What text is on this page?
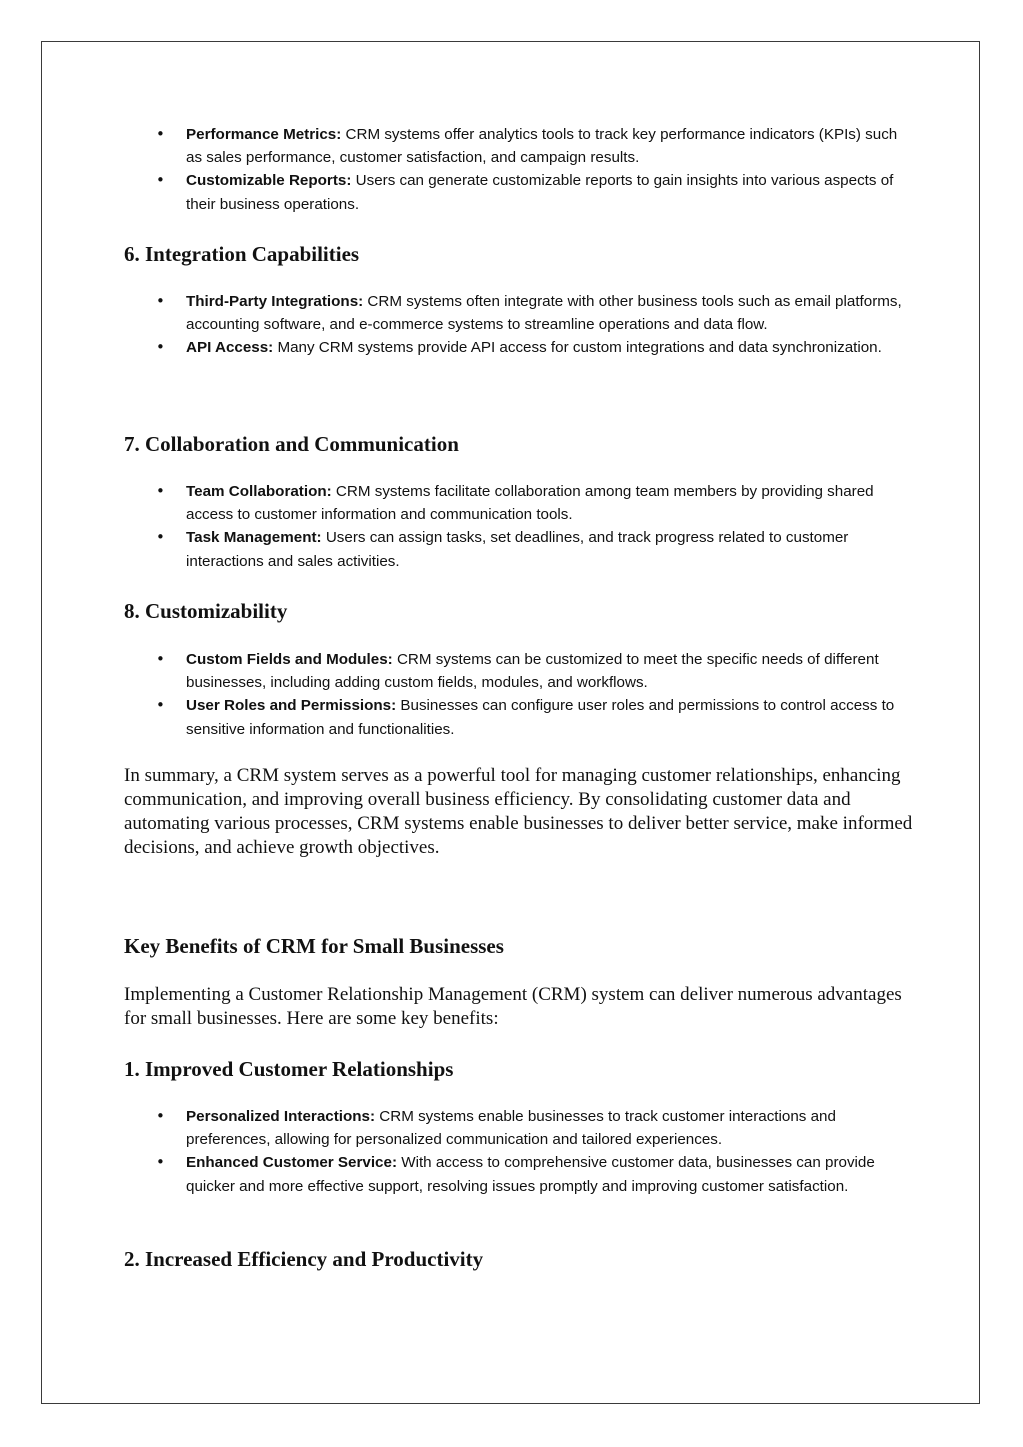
• Performance Metrics: CRM systems offer analytics tools to track key performance indicators (KPIs) such as sales performance, customer satisfaction, and campaign results.
• Customizable Reports: Users can generate customizable reports to gain insights into various aspects of their business operations.
6. Integration Capabilities
• Third-Party Integrations: CRM systems often integrate with other business tools such as email platforms, accounting software, and e-commerce systems to streamline operations and data flow.
• API Access: Many CRM systems provide API access for custom integrations and data synchronization.
7. Collaboration and Communication
• Team Collaboration: CRM systems facilitate collaboration among team members by providing shared access to customer information and communication tools.
• Task Management: Users can assign tasks, set deadlines, and track progress related to customer interactions and sales activities.
8. Customizability
• Custom Fields and Modules: CRM systems can be customized to meet the specific needs of different businesses, including adding custom fields, modules, and workflows.
• User Roles and Permissions: Businesses can configure user roles and permissions to control access to sensitive information and functionalities.

In summary, a CRM system serves as a powerful tool for managing customer relationships, enhancing communication, and improving overall business efficiency. By consolidating customer data and automating various processes, CRM systems enable businesses to deliver better service, make informed decisions, and achieve growth objectives.

Key Benefits of CRM for Small Businesses

Implementing a Customer Relationship Management (CRM) system can deliver numerous advantages for small businesses. Here are some key benefits:

1. Improved Customer Relationships
• Personalized Interactions: CRM systems enable businesses to track customer interactions and preferences, allowing for personalized communication and tailored experiences.
• Enhanced Customer Service: With access to comprehensive customer data, businesses can provide quicker and more effective support, resolving issues promptly and improving customer satisfaction.
2. Increased Efficiency and Productivity
